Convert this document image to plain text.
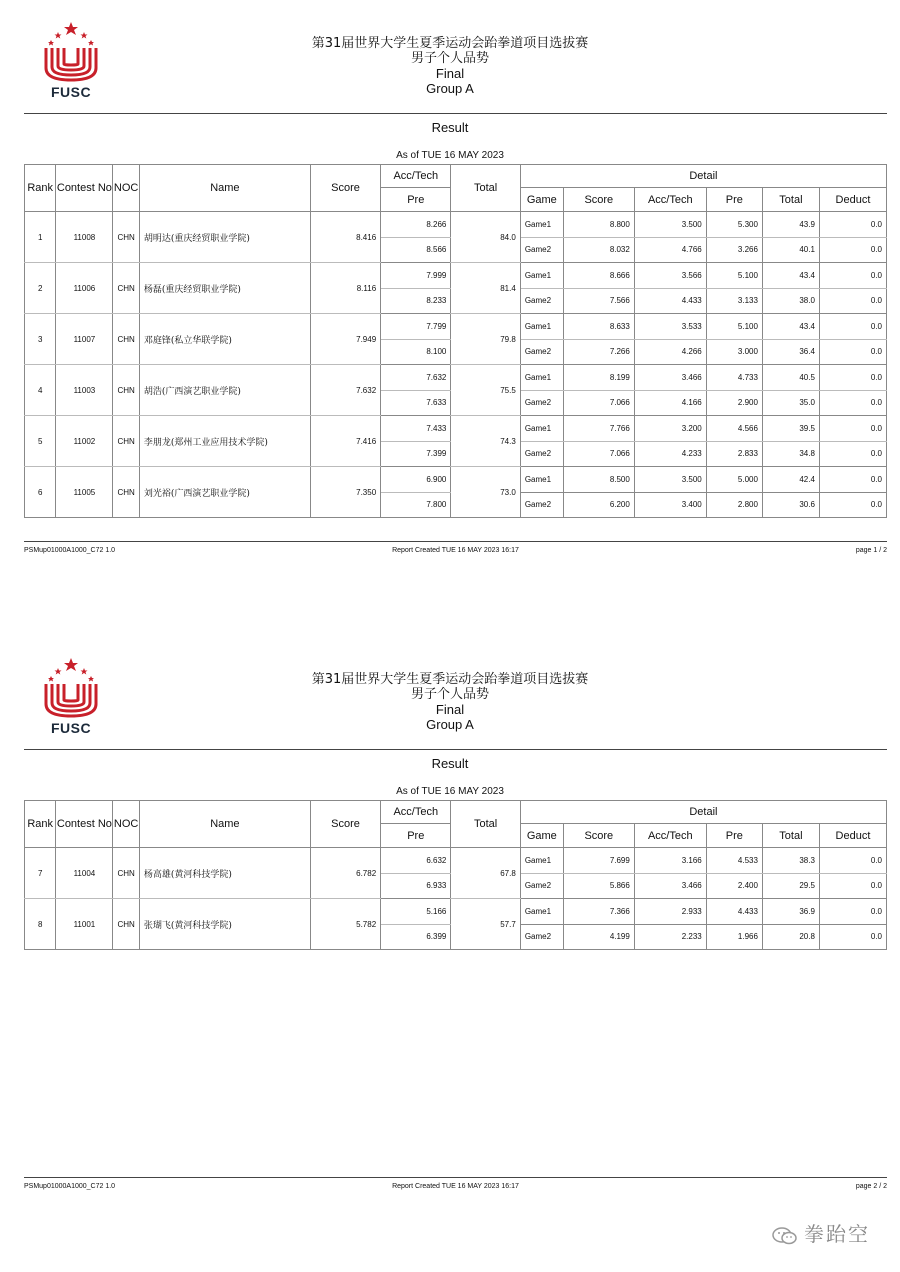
FUSC
第31届世界大学生夏季运动会跆拳道项目选拔赛
男子个人品势
Final
Group A
Result
As of TUE 16 MAY 2023
Rank	Contest No	NOC	Name	Score	Acc/Tech	Total	Detail					
					Pre		Game	Score	Acc/Tech	Pre	Total	Deduct
1	11008	CHN	胡明达(重庆经贸职业学院)	8.416	8.266	84.0	Game1	8.800	3.500	5.300	43.9	0.0
					8.566		Game2	8.032	4.766	3.266	40.1	0.0
2	11006	CHN	杨磊(重庆经贸职业学院)	8.116	7.999	81.4	Game1	8.666	3.566	5.100	43.4	0.0
					8.233		Game2	7.566	4.433	3.133	38.0	0.0
3	11007	CHN	邓庭锋(私立华联学院)	7.949	7.799	79.8	Game1	8.633	3.533	5.100	43.4	0.0
					8.100		Game2	7.266	4.266	3.000	36.4	0.0
4	11003	CHN	胡浩(广西演艺职业学院)	7.632	7.632	75.5	Game1	8.199	3.466	4.733	40.5	0.0
					7.633		Game2	7.066	4.166	2.900	35.0	0.0
5	11002	CHN	李朋龙(郑州工业应用技术学院)	7.416	7.433	74.3	Game1	7.766	3.200	4.566	39.5	0.0
					7.399		Game2	7.066	4.233	2.833	34.8	0.0
6	11005	CHN	刘光裕(广西演艺职业学院)	7.350	6.900	73.0	Game1	8.500	3.500	5.000	42.4	0.0
					7.800		Game2	6.200	3.400	2.800	30.6	0.0
PSMup01000A1000_C72 1.0	Report Created TUE 16 MAY 2023 16:17	page 1 / 2
FUSC
第31届世界大学生夏季运动会跆拳道项目选拔赛
男子个人品势
Final
Group A
Result
As of TUE 16 MAY 2023
Rank	Contest No	NOC	Name	Score	Acc/Tech	Total	Detail					
					Pre		Game	Score	Acc/Tech	Pre	Total	Deduct
7	11004	CHN	杨高雄(黄河科技学院)	6.782	6.632	67.8	Game1	7.699	3.166	4.533	38.3	0.0
					6.933		Game2	5.866	3.466	2.400	29.5	0.0
8	11001	CHN	张瑚飞(黄河科技学院)	5.782	5.166	57.7	Game1	7.366	2.933	4.433	36.9	0.0
					6.399		Game2	4.199	2.233	1.966	20.8	0.0
PSMup01000A1000_C72 1.0	Report Created TUE 16 MAY 2023 16:17	page 2 / 2
拳跆空
